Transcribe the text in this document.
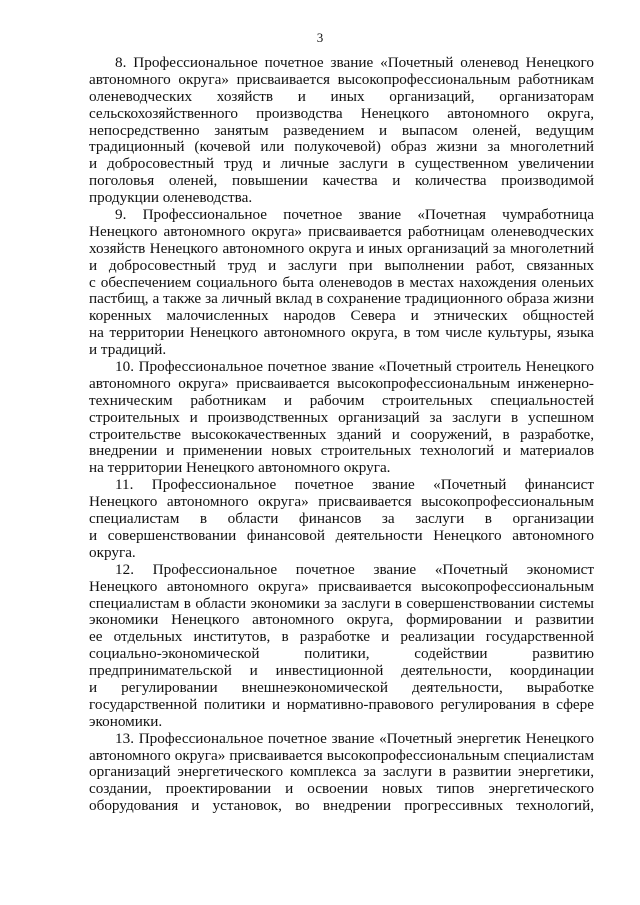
3
8. Профессиональное почетное звание «Почетный оленевод Ненецкого
автономного округа» присваивается высокопрофессиональным работникам
оленеводческих хозяйств и иных организаций, организаторам
сельскохозяйственного производства Ненецкого автономного округа,
непосредственно занятым разведением и выпасом оленей, ведущим
традиционный (кочевой или полукочевой) образ жизни за многолетний
и добросовестный труд и личные заслуги в существенном увеличении
поголовья оленей, повышении качества и количества производимой
продукции оленеводства.
9. Профессиональное почетное звание «Почетная чумработница
Ненецкого автономного округа» присваивается работницам оленеводческих
хозяйств Ненецкого автономного округа и иных организаций за многолетний
и добросовестный труд и заслуги при выполнении работ, связанных
с обеспечением социального быта оленеводов в местах нахождения оленьих
пастбищ, а также за личный вклад в сохранение традиционного образа жизни
коренных малочисленных народов Севера и этнических общностей
на территории Ненецкого автономного округа, в том числе культуры, языка
и традиций.
10. Профессиональное почетное звание «Почетный строитель Ненецкого
автономного округа» присваивается высокопрофессиональным инженерно-
техническим работникам и рабочим строительных специальностей
строительных и производственных организаций за заслуги в успешном
строительстве высококачественных зданий и сооружений, в разработке,
внедрении и применении новых строительных технологий и материалов
на территории Ненецкого автономного округа.
11. Профессиональное почетное звание «Почетный финансист
Ненецкого автономного округа» присваивается высокопрофессиональным
специалистам в области финансов за заслуги в организации
и совершенствовании финансовой деятельности Ненецкого автономного
округа.
12. Профессиональное почетное звание «Почетный экономист
Ненецкого автономного округа» присваивается высокопрофессиональным
специалистам в области экономики за заслуги в совершенствовании системы
экономики Ненецкого автономного округа, формировании и развитии
ее отдельных институтов, в разработке и реализации государственной
социально-экономической политики, содействии развитию
предпринимательской и инвестиционной деятельности, координации
и регулировании внешнеэкономической деятельности, выработке
государственной политики и нормативно-правового регулирования в сфере
экономики.
13. Профессиональное почетное звание «Почетный энергетик Ненецкого
автономного округа» присваивается высокопрофессиональным специалистам
организаций энергетического комплекса за заслуги в развитии энергетики,
создании, проектировании и освоении новых типов энергетического
оборудования и установок, во внедрении прогрессивных технологий,
